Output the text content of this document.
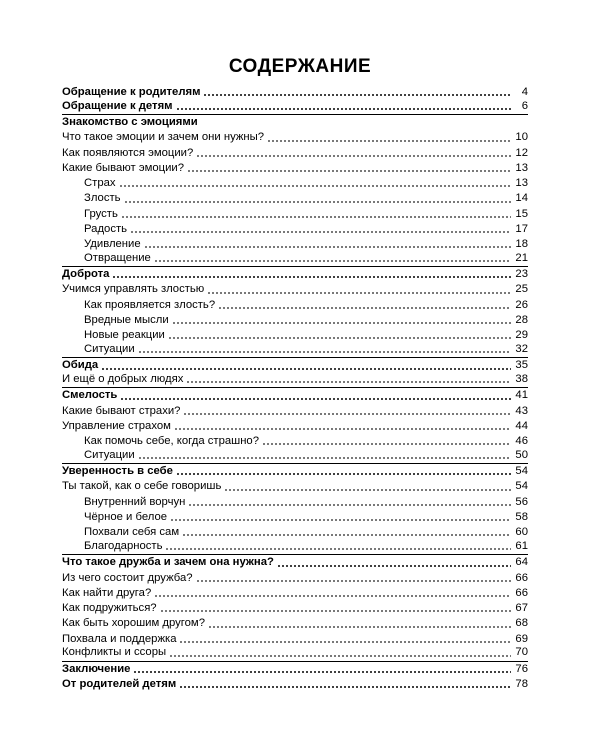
СОДЕРЖАНИЕ
Обращение к родителям	4
Обращение к детям	6
Знакомство с эмоциями
Что такое эмоции и зачем они нужны?	10
Как появляются эмоции?	12
Какие бывают эмоции?	13
Страх	13
Злость	14
Грусть	15
Радость	17
Удивление	18
Отвращение	21
Доброта	23
Учимся управлять злостью	25
Как проявляется злость?	26
Вредные мысли	28
Новые реакции	29
Ситуации	32
Обида	35
И ещё о добрых людях	38
Смелость	41
Какие бывают страхи?	43
Управление страхом	44
Как помочь себе, когда страшно?	46
Ситуации	50
Уверенность в себе	54
Ты такой, как о себе говоришь	54
Внутренний ворчун	56
Чёрное и белое	58
Похвали себя сам	60
Благодарность	61
Что такое дружба и зачем она нужна?	64
Из чего состоит дружба?	66
Как найти друга?	66
Как подружиться?	67
Как быть хорошим другом?	68
Похвала и поддержка	69
Конфликты и ссоры	70
Заключение	76
От родителей детям	78
